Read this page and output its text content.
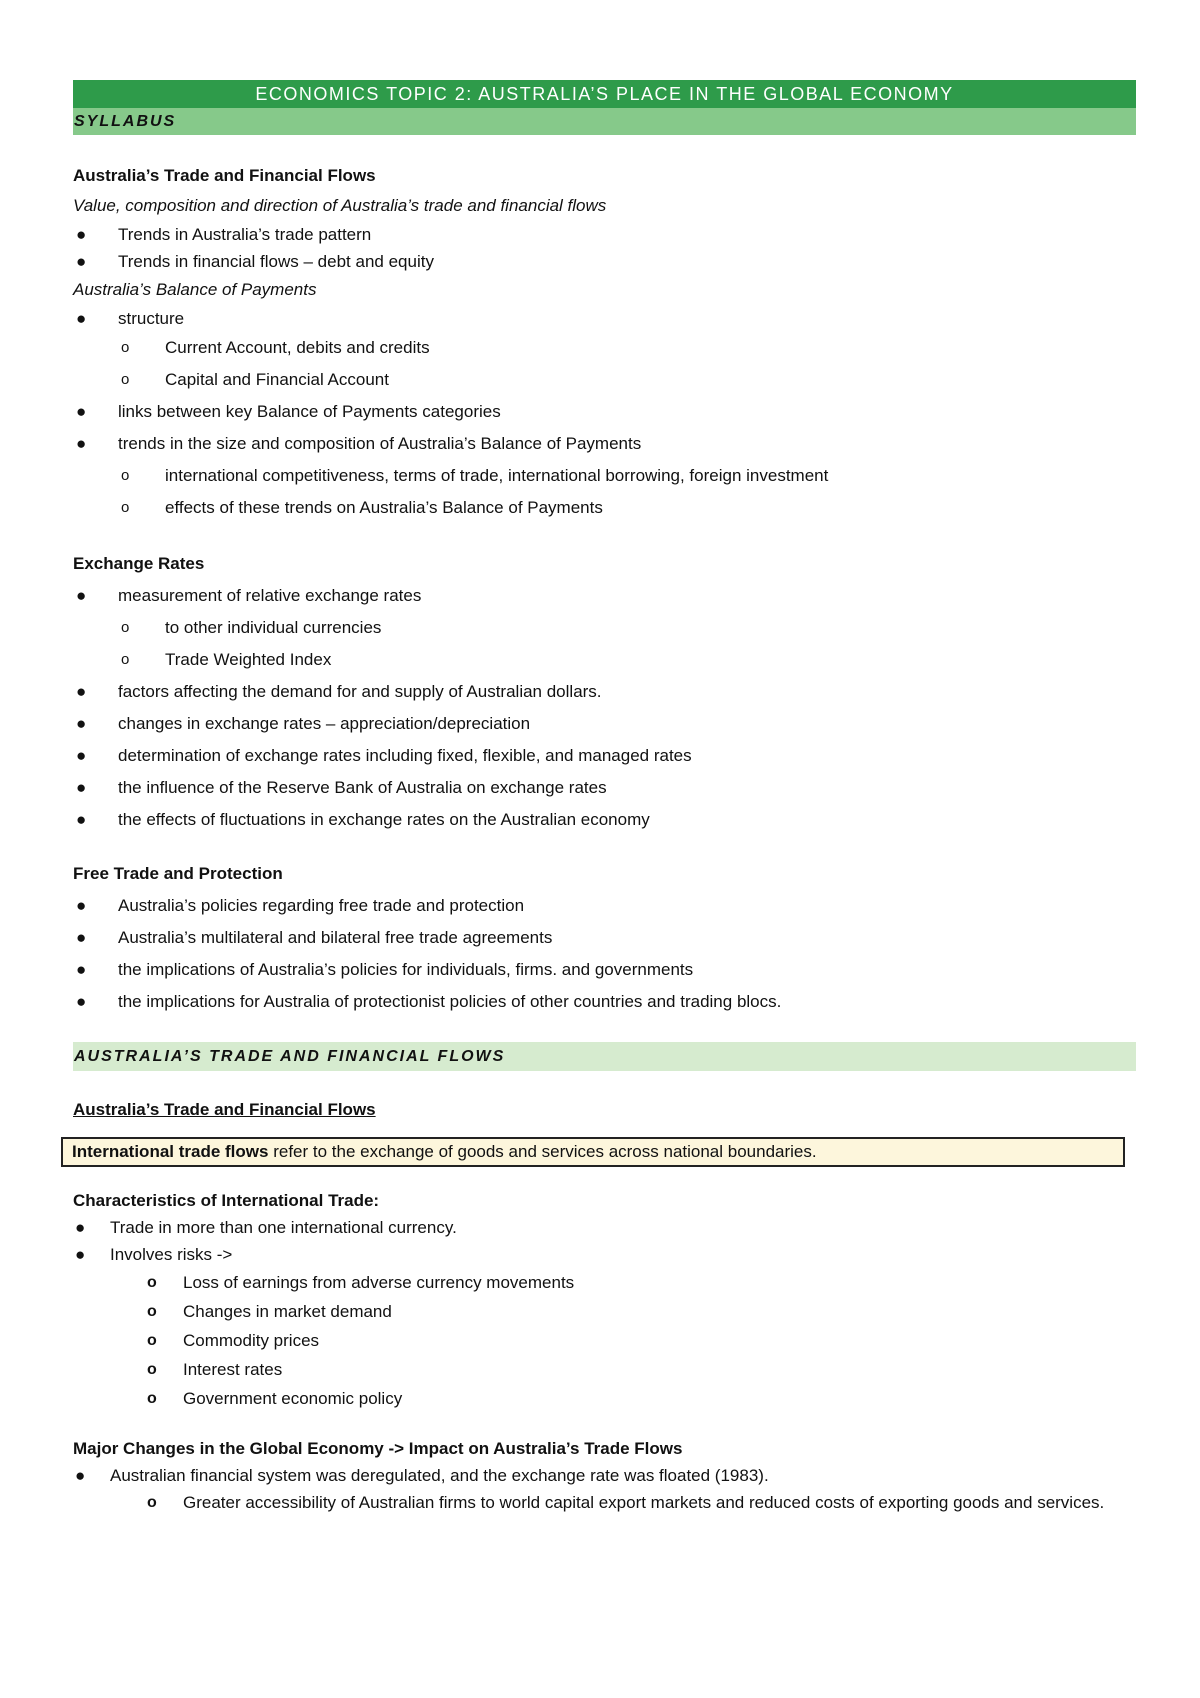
ECONOMICS TOPIC 2: AUSTRALIA’S PLACE IN THE GLOBAL ECONOMY
SYLLABUS
Australia’s Trade and Financial Flows
Value, composition and direction of Australia’s trade and financial flows
● Trends in Australia’s trade pattern
● Trends in financial flows – debt and equity
Australia’s Balance of Payments
● structure
o Current Account, debits and credits
o Capital and Financial Account
● links between key Balance of Payments categories
● trends in the size and composition of Australia’s Balance of Payments
o international competitiveness, terms of trade, international borrowing, foreign investment
o effects of these trends on Australia’s Balance of Payments
Exchange Rates
● measurement of relative exchange rates
o to other individual currencies
o Trade Weighted Index
● factors affecting the demand for and supply of Australian dollars.
● changes in exchange rates – appreciation/depreciation
● determination of exchange rates including fixed, flexible, and managed rates
● the influence of the Reserve Bank of Australia on exchange rates
● the effects of fluctuations in exchange rates on the Australian economy
Free Trade and Protection
● Australia’s policies regarding free trade and protection
● Australia’s multilateral and bilateral free trade agreements
● the implications of Australia’s policies for individuals, firms. and governments
● the implications for Australia of protectionist policies of other countries and trading blocs.
AUSTRALIA’S TRADE AND FINANCIAL FLOWS
Australia’s Trade and Financial Flows
International trade flows refer to the exchange of goods and services across national boundaries.
Characteristics of International Trade:
● Trade in more than one international currency.
● Involves risks ->
o Loss of earnings from adverse currency movements
o Changes in market demand
o Commodity prices
o Interest rates
o Government economic policy
Major Changes in the Global Economy -> Impact on Australia’s Trade Flows
● Australian financial system was deregulated, and the exchange rate was floated (1983).
o Greater accessibility of Australian firms to world capital export markets and reduced costs of exporting goods and services.
